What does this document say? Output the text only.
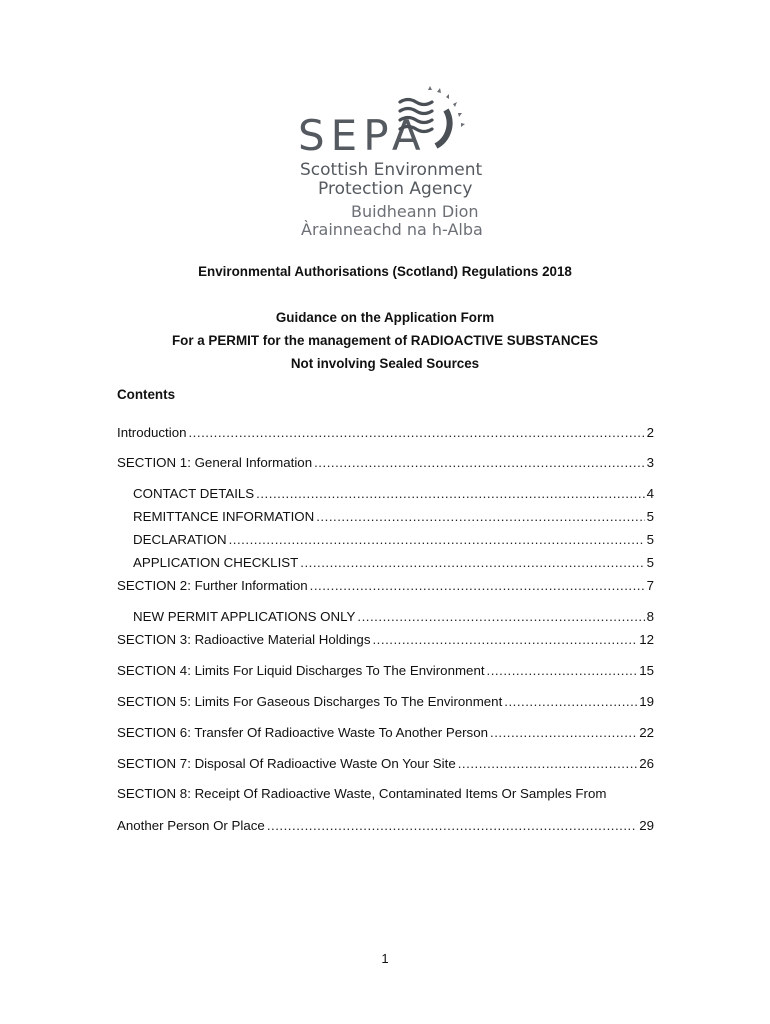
SEPA
Scottish Environment
Protection Agency
Buidheann Dion
Àrainneachd na h-Alba
Environmental Authorisations (Scotland) Regulations 2018
Guidance on the Application Form
For a PERMIT for the management of RADIOACTIVE SUBSTANCES
Not involving Sealed Sources
Contents
Introduction .....	2
SECTION 1: General Information .....	3
CONTACT DETAILS .....	4
REMITTANCE INFORMATION .....	5
DECLARATION .....	5
APPLICATION CHECKLIST .....	5
SECTION 2: Further Information .....	7
NEW PERMIT APPLICATIONS ONLY .....	8
SECTION 3: Radioactive Material Holdings .....	12
SECTION 4: Limits For Liquid Discharges To The Environment .....	15
SECTION 5: Limits For Gaseous Discharges To The Environment .....	19
SECTION 6: Transfer Of Radioactive Waste To Another Person .....	22
SECTION 7: Disposal Of Radioactive Waste On Your Site .....	26
SECTION 8: Receipt Of Radioactive Waste, Contaminated Items Or Samples From
Another Person Or Place .....	29
1
